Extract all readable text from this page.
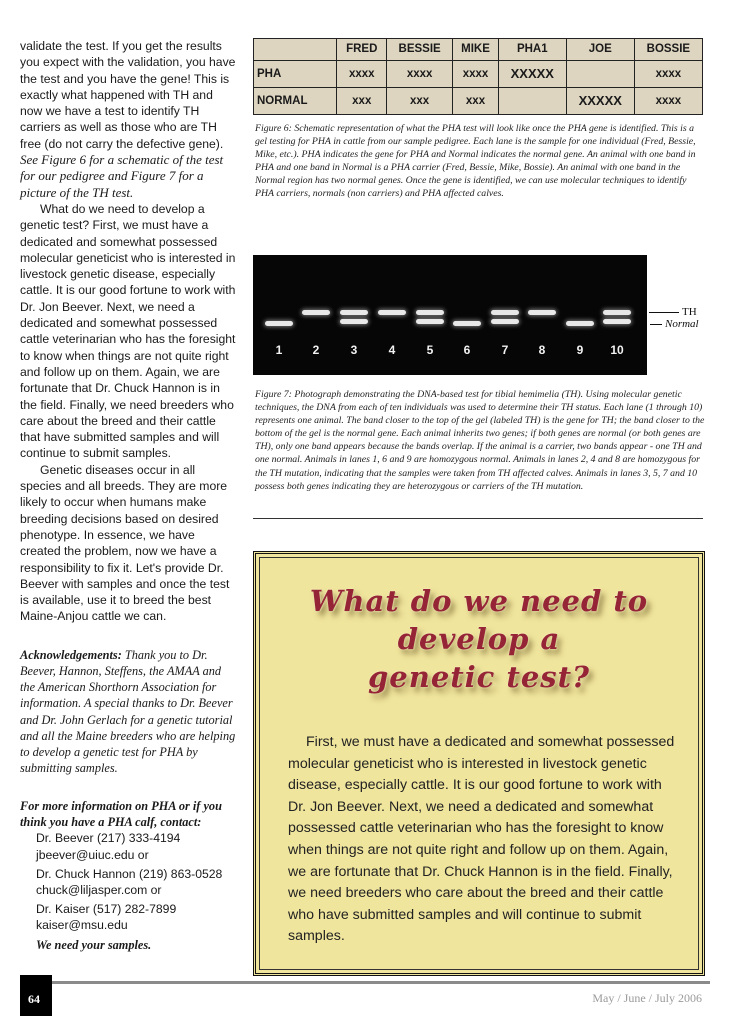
validate the test. If you get the results you expect with the validation, you have the test and you have the gene! This is exactly what happened with TH and now we have a test to identify TH carriers as well as those who are TH free (do not carry the defective gene). See Figure 6 for a schematic of the test for our pedigree and Figure 7 for a picture of the TH test.

What do we need to develop a genetic test? First, we must have a dedicated and somewhat possessed molecular geneticist who is interested in livestock genetic disease, especially cattle. It is our good fortune to work with Dr. Jon Beever. Next, we need a dedicated and somewhat possessed cattle veterinarian who has the foresight to know when things are not quite right and follow up on them. Again, we are fortunate that Dr. Chuck Hannon is in the field. Finally, we need breeders who care about the breed and their cattle that have submitted samples and will continue to submit samples.

Genetic diseases occur in all species and all breeds. They are more likely to occur when humans make breeding decisions based on desired phenotype. In essence, we have created the problem, now we have a responsibility to fix it. Let's provide Dr. Beever with samples and once the test is available, use it to breed the best Maine-Anjou cattle we can.

Acknowledgements: Thank you to Dr. Beever, Hannon, Steffens, the AMAA and the American Shorthorn Association for information. A special thanks to Dr. Beever and Dr. John Gerlach for a genetic tutorial and all the Maine breeders who are helping to develop a genetic test for PHA by submitting samples.

For more information on PHA or if you think you have a PHA calf, contact:

Dr. Beever (217) 333-4194
jbeever@uiuc.edu or
Dr. Chuck Hannon (219) 863-0528
chuck@liljasper.com or
Dr. Kaiser (517) 282-7899
kaiser@msu.edu
We need your samples.
	FRED	BESSIE	MIKE	PHA1	JOE	BOSSIE
PHA	xxxx	xxxx	xxxx	XXXXX		xxxx
NORMAL	xxx	xxx	xxx		XXXXX	xxxx
Figure 6: Schematic representation of what the PHA test will look like once the PHA gene is identified. This is a gel testing for PHA in cattle from our sample pedigree. Each lane is the sample for one individual (Fred, Bessie, Mike, etc.). PHA indicates the gene for PHA and Normal indicates the normal gene. An animal with one band in PHA and one band in Normal is a PHA carrier (Fred, Bessie, Mike, Bossie). An animal with one band in the Normal region has two normal genes. Once the gene is identified, we can use molecular techniques to identify PHA carriers, normals (non carriers) and PHA affected calves.
1	2	3	4	5	6	7	8	9	10
TH
Normal
Figure 7: Photograph demonstrating the DNA-based test for tibial hemimelia (TH). Using molecular genetic techniques, the DNA from each of ten individuals was used to determine their TH status. Each lane (1 through 10) represents one animal. The band closer to the top of the gel (labeled TH) is the gene for TH; the band closer to the bottom of the gel is the normal gene. Each animal inherits two genes; if both genes are normal (or both genes are TH), only one band appears because the bands overlap. If the animal is a carrier, two bands appear - one TH and one normal. Animals in lanes 1, 6 and 9 are homozygous normal. Animals in lanes 2, 4 and 8 are homozygous for the TH mutation, indicating that the samples were taken from TH affected calves. Animals in lanes 3, 5, 7 and 10 possess both genes indicating they are heterozygous or carriers of the TH mutation.
What do we need to
develop a
genetic test?

First, we must have a dedicated and somewhat possessed molecular geneticist who is interested in livestock genetic disease, especially cattle. It is our good fortune to work with Dr. Jon Beever. Next, we need a dedicated and somewhat possessed cattle veterinarian who has the foresight to know when things are not quite right and follow up on them. Again, we are fortunate that Dr. Chuck Hannon is in the field. Finally, we need breeders who care about the breed and their cattle who have submitted samples and will continue to submit samples.

64	May / June / July 2006
